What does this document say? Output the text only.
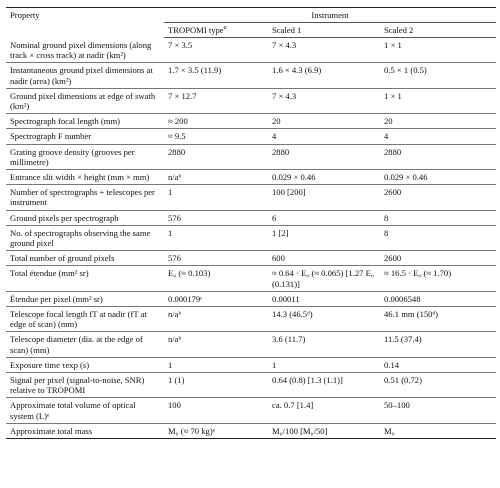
Property	Instrument		
	TROPOMI type$^a$	Scaled 1	Scaled 2
Nominal ground pixel dimensions (along track × cross track) at nadir (km²)	7 × 3.5	7 × 4.3	1 × 1
Instantaneous ground pixel dimensions at nadir (area) (km²)	1.7 × 3.5 (11.9)	1.6 × 4.3 (6.9)	0.5 × 1 (0.5)
Ground pixel dimensions at edge of swath (km²)	7 × 12.7	7 × 4.3	1 × 1
Spectrograph focal length (mm)	≈ 200	20	20
Spectrograph F number	≈ 9.5	4	4
Grating groove density (grooves per millimetre)	2880	2880	2880
Entrance slit width × height (mm × mm)	n/aᵇ	0.029 × 0.46	0.029 × 0.46
Number of spectrographs + telescopes per instrument	1	100 [200]	2600
Ground pixels per spectrograph	576	6	8
No. of spectrographs observing the same ground pixel	1	1 [2]	8
Total number of ground pixels	576	600	2600
Total étendue (mm² sr)	E₀ (≈ 0.103)	≈ 0.64 · E₀ (≈ 0.065) [1.27 E₀ (0.131)]	≈ 16.5 · E₀ (≈ 1.70)
Étendue per pixel (mm² sr)	0.000179ᶜ	0.00011	0.0006548
Telescope focal length fT at nadir (fT at edge of scan) (mm)	n/aᵇ	14.3 (46.5ᵈ)	46.1 mm (150ᵈ)
Telescope diameter (dia. at the edge of scan) (mm)	n/aᵇ	3.6 (11.7)	11.5 (37.4)
Exposure time τexp (s)	1	1	0.14
Signal per pixel (signal-to-noise, SNR) relative to TROPOMI	1 (1)	0.64 (0.8) [1.3 (1.1)]	0.51 (0.72)
Approximate total volume of optical system (L)ᵉ	100	ca. 0.7 [1.4]	50–100
Approximate total mass	M₀ (≈ 70 kg)ᵉ	M₀/100 [M₀/50]	M₀
